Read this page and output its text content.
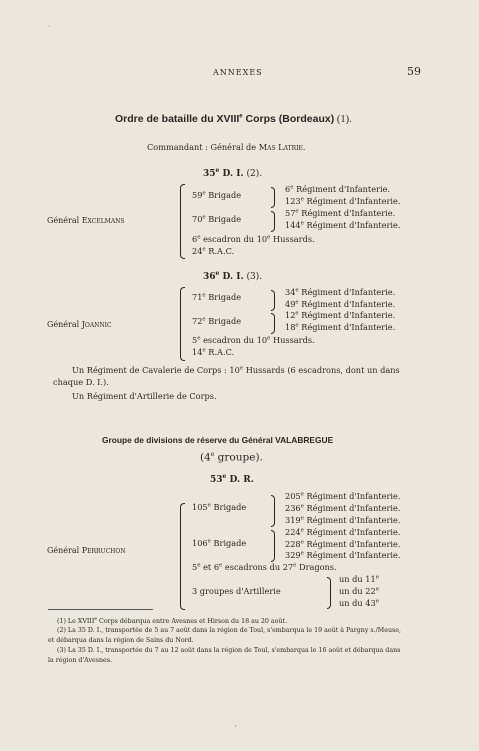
ANNEXES	59
Ordre de bataille du XVIIIe Corps (Bordeaux) (1).
Commandant : Général de Mas Latrie.
35e D. I. (2).
Général Excelmans
59e Brigade
6e Régiment d'Infanterie.
123e Régiment d'Infanterie.
70e Brigade
57e Régiment d'Infanterie.
144e Régiment d'Infanterie.
6e escadron du 10e Hussards.
24e R.A.C.
36e D. I. (3).
Général Joannic
71e Brigade	34e Régiment d'Infanterie.
49e Régiment d'Infanterie.
72e Brigade
12e Régiment d'Infanterie.
18e Régiment d'Infanterie.
5e escadron du 10e Hussards.
14e R.A.C.
Un Régiment de Cavalerie de Corps : 10e Hussards (6 escadrons, dont un dans
chaque D. I.).
Un Régiment d'Artillerie de Corps.
Groupe de divisions de réserve du Général VALABREGUE
(4e groupe).
53e D. R.
Général Perruchon
105e Brigade
205e Régiment d'Infanterie.
236e Régiment d'Infanterie.
319e Régiment d'Infanterie.
106e Brigade
224e Régiment d'Infanterie.
228e Régiment d'Infanterie.
329e Régiment d'Infanterie.
5e et 6e escadrons du 27e Dragons.
3 groupes d'Artillerie
un du 11e
un du 22e
un du 43e
(1) Le XVIIIe Corps débarqua entre Avesnes et Hirson du 18 au 20 août.
(2) La 35 D. I., transportée de 5 au 7 août dans la région de Toul, s'embarqua le 19 août à Pargny s./Meuse,
et débarqua dans la région de Sains du Nord.
(3) La 35 D. I., transportée du 7 au 12 août dans la région de Toul, s'embarqua le 16 août et débarqua dans
la région d'Avesnes.
·
ʻ
